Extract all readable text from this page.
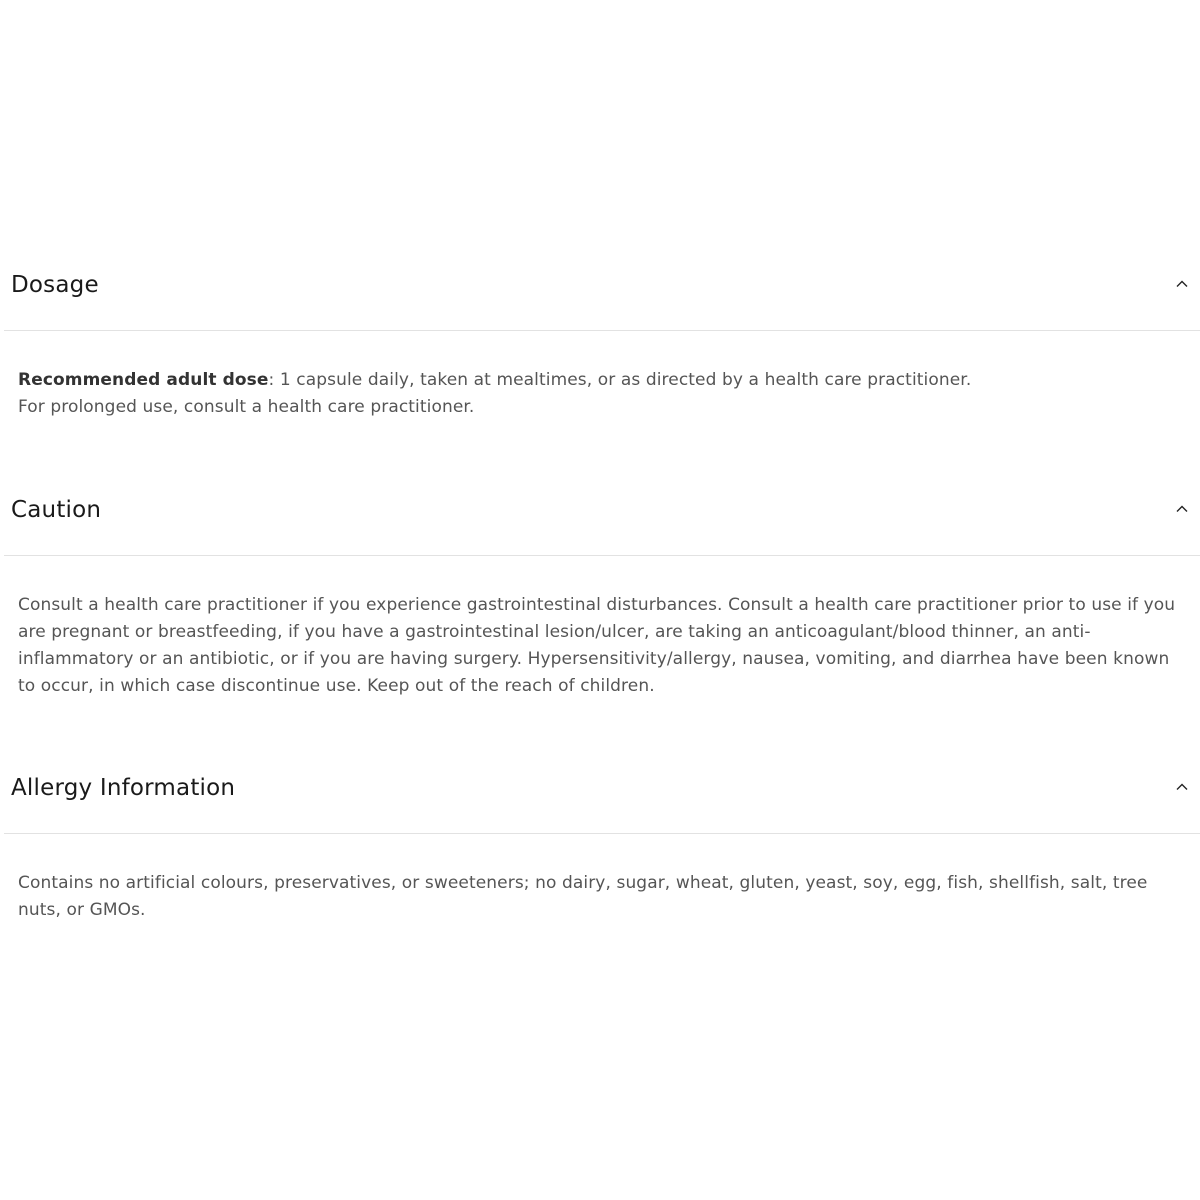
Dosage

Recommended adult dose: 1 capsule daily, taken at mealtimes, or as directed by a health care practitioner.

For prolonged use, consult a health care practitioner.

Caution

Consult a health care practitioner if you experience gastrointestinal disturbances. Consult a health care practitioner prior to use if you are pregnant or breastfeeding, if you have a gastrointestinal lesion/ulcer, are taking an anticoagulant/blood thinner, an anti-inflammatory or an antibiotic, or if you are having surgery. Hypersensitivity/allergy, nausea, vomiting, and diarrhea have been known to occur, in which case discontinue use. Keep out of the reach of children.

Allergy Information

Contains no artificial colours, preservatives, or sweeteners; no dairy, sugar, wheat, gluten, yeast, soy, egg, fish, shellfish, salt, tree nuts, or GMOs.
